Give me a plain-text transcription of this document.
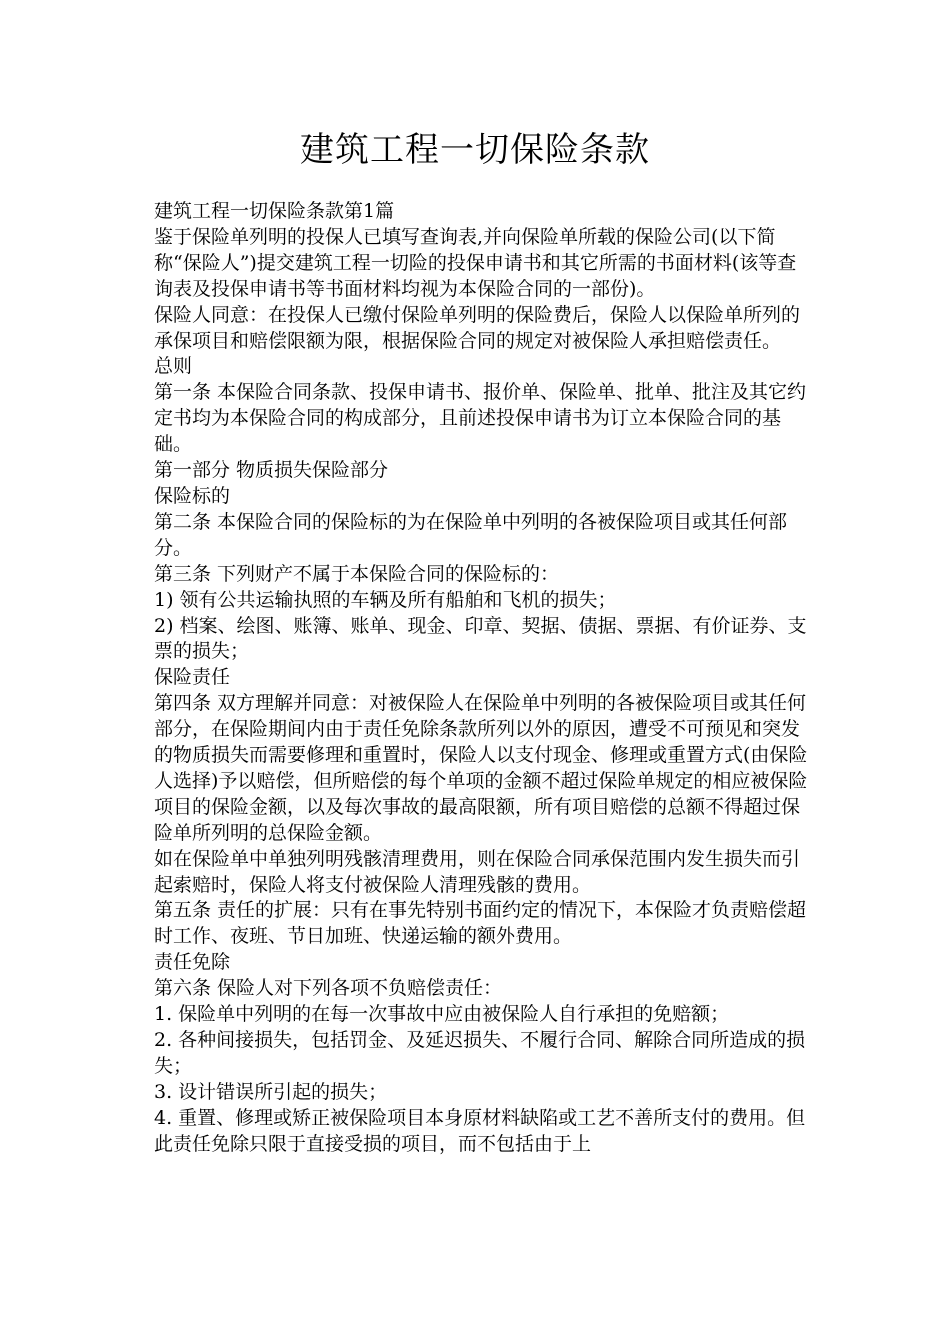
建筑工程一切保险条款

建筑工程一切保险条款第1篇

鉴于保险单列明的投保人已填写查询表,并向保险单所载的保险公司(以下简称“保险人”)提交建筑工程一切险的投保申请书和其它所需的书面材料(该等查询表及投保申请书等书面材料均视为本保险合同的一部份)。

保险人同意：在投保人已缴付保险单列明的保险费后，保险人以保险单所列的承保项目和赔偿限额为限，根据保险合同的规定对被保险人承担赔偿责任。

总则

第一条 本保险合同条款、投保申请书、报价单、保险单、批单、批注及其它约定书均为本保险合同的构成部分，且前述投保申请书为订立本保险合同的基础。

第一部分 物质损失保险部分

保险标的

第二条 本保险合同的保险标的为在保险单中列明的各被保险项目或其任何部分。

第三条 下列财产不属于本保险合同的保险标的：

1) 领有公共运输执照的车辆及所有船舶和飞机的损失；

2) 档案、绘图、账簿、账单、现金、印章、契据、债据、票据、有价证券、支票的损失；

保险责任

第四条 双方理解并同意：对被保险人在保险单中列明的各被保险项目或其任何部分，在保险期间内由于责任免除条款所列以外的原因，遭受不可预见和突发的物质损失而需要修理和重置时，保险人以支付现金、修理或重置方式(由保险人选择)予以赔偿，但所赔偿的每个单项的金额不超过保险单规定的相应被保险项目的保险金额，以及每次事故的最高限额，所有项目赔偿的总额不得超过保险单所列明的总保险金额。

如在保险单中单独列明残骸清理费用，则在保险合同承保范围内发生损失而引起索赔时，保险人将支付被保险人清理残骸的费用。

第五条 责任的扩展：只有在事先特别书面约定的情况下，本保险才负责赔偿超时工作、夜班、节日加班、快递运输的额外费用。

责任免除

第六条 保险人对下列各项不负赔偿责任：

1. 保险单中列明的在每一次事故中应由被保险人自行承担的免赔额；

2. 各种间接损失，包括罚金、及延迟损失、不履行合同、解除合同所造成的损失；

3. 设计错误所引起的损失；

4. 重置、修理或矫正被保险项目本身原材料缺陷或工艺不善所支付的费用。但此责任免除只限于直接受损的项目，而不包括由于上
